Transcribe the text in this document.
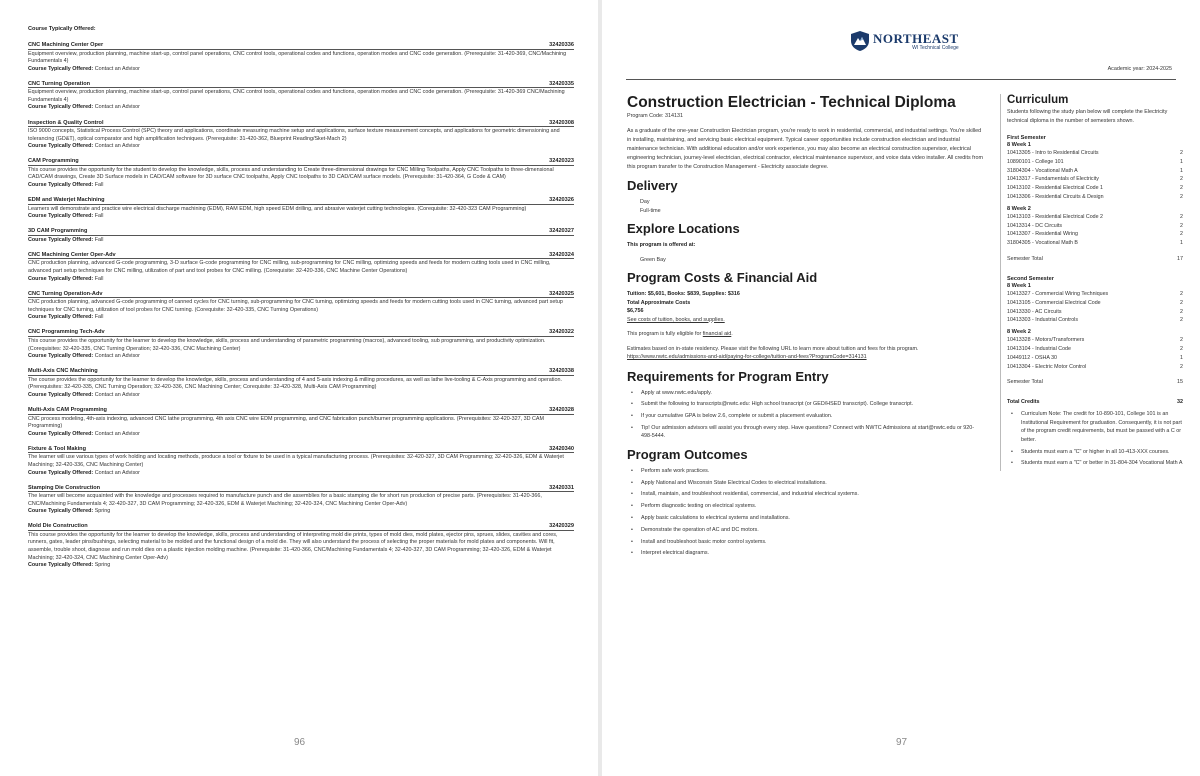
Course Typically Offered:
CNC Machining Center Oper	32420336
Equipment overview, production planning, machine start-up, control panel operations, CNC control tools, operational codes and functions, operation modes and CNC code generation. (Prerequisite: 31-420-369, CNC/Machining Fundamentals 4)
Course Typically Offered: Contact an Advisor
CNC Turning Operation	32420335
Equipment overview, production planning, machine start-up, control panel operations, CNC control tools, operational codes and functions, operation modes and CNC code generation. (Prerequisite: 31-420-369 CNC/Machining Fundamentals 4)
Course Typically Offered: Contact an Advisor
Inspection & Quality Control	32420308
ISO 9000 concepts, Statistical Process Control (SPC) theory and applications, coordinate measuring machine setup and applications, surface texture measurement concepts, and applications for geometric dimensioning and tolerancing (GD&T), optical comparator and high amplification techniques. (Prerequisite: 31-420-362, Blueprint Reading/Sket-Mach 2)
Course Typically Offered: Contact an Advisor
CAM Programming	32420323
This course provides the opportunity for the student to develop the knowledge, skills, process and understanding to Create three-dimensional drawings for CNC Milling Toolpaths, Apply CNC Toolpaths to three-dimensional CAD/CAM drawings, Create 3D Surface models in CAD/CAM software for 3D surface CNC toolpaths, Apply CNC toolpaths to 3D CAD/CAM surface models. (Prerequisite: 31-420-364, G Code & CAM)
Course Typically Offered: Fall
EDM and Waterjet Machining	32420326
Learners will demonstrate and practice wire electrical discharge machining (EDM), RAM EDM, high speed EDM drilling, and abrasive waterjet cutting technologies. (Corequisite: 32-420-323 CAM Programming)
Course Typically Offered: Fall
3D CAM Programming	32420327
Course Typically Offered: Fall
CNC Machining Center Oper-Adv	32420324
CNC production planning, advanced G-code programming, 3-D surface G-code programming for CNC milling, sub-programming for CNC milling, optimizing speeds and feeds for modern cutting tools used in CNC milling, advanced part setup techniques for CNC milling, utilization of part and tool probes for CNC milling. (Corequisite: 32-420-336, CNC Machine Center Operations)
Course Typically Offered: Fall
CNC Turning Operation-Adv	32420325
CNC production planning, advanced G-code programming of canned cycles for CNC turning, sub-programming for CNC turning, optimizing speeds and feeds for modern cutting tools used in CNC turning, advanced part setup techniques for CNC turning, utilization of tool probes for CNC turning. (Corequisite: 32-420-335, CNC Turning Operations)
Course Typically Offered: Fall
CNC Programming Tech-Adv	32420322
This course provides the opportunity for the learner to develop the knowledge, skills, process and understanding of parametric programming (macros), advanced tooling, sub programming, and productivity optimization. (Corequisites: 32-420-335, CNC Turning Operation; 32-420-336, CNC Machining Center)
Course Typically Offered: Contact an Advisor
Multi-Axis CNC Machining	32420338
The course provides the opportunity for the learner to develop the knowledge, skills, process and understanding of 4 and 5-axis indexing & milling procedures, as well as lathe live-tooling & C-Axis programming and operation. (Prerequisites: 32-420-335, CNC Turning Operation; 32-420-336, CNC Machining Center; Corequisite: 32-420-328, Multi-Axis CAM Programming)
Course Typically Offered: Contact an Advisor
Multi-Axis CAM Programming	32420328
CNC process modeling, 4th-axis indexing, advanced CNC lathe programming, 4th axis CNC wire EDM programming, and CNC fabrication punch/burner programming applications. (Prerequisites: 32-420-327, 3D CAM Programming)
Course Typically Offered: Contact an Advisor
Fixture & Tool Making	32420340
The learner will use various types of work holding and locating methods, produce a tool or fixture to be used in a typical manufacturing process. (Prerequisites: 32-420-327, 3D CAM Programming; 32-420-326, EDM & Waterjet Machining; 32-420-336, CNC Machining Center)
Course Typically Offered: Contact an Advisor
Stamping Die Construction	32420331
The learner will become acquainted with the knowledge and processes required to manufacture punch and die assemblies for a basic stamping die for short run production of precise parts. (Prerequisites: 31-420-366, CNC/Machining Fundamentals 4; 32-420-327, 3D CAM Programming; 32-420-326, EDM & Waterjet Machining; 32-420-324, CNC Machining Center Oper-Adv)
Course Typically Offered: Spring
Mold Die Construction	32420329
This course provides the opportunity for the learner to develop the knowledge, skills, process and understanding of interpreting mold die prints, types of mold dies, mold plates, ejector pins, sprues, slides, cavities and cores, runners, gates, leader pins/bushings, selecting material to be molded and the functional design of a mold die. They will also understand the process of selecting the proper materials for mold plates and components. Will fit, assemble, trouble shoot, diagnose and run mold dies on a plastic injection molding machine. (Prerequisite: 31-420-366, CNC/Machining Fundamentals 4; 32-420-327, 3D CAM Programming; 32-420-326, EDM & Waterjet Machining; 32-420-324, CNC Machining Center Oper-Adv)
Course Typically Offered: Spring
96
NORTHEAST
WI Technical College
Academic year: 2024-2025
Construction Electrician - Technical Diploma
Program Code: 314131

As a graduate of the one-year Construction Electrician program, you're ready to work in residential, commercial, and industrial settings. You're skilled in installing, maintaining, and servicing basic electrical equipment. Typical career opportunities include construction electrician and industrial maintenance technician. With additional education and/or work experience, you may also become an electrical construction supervisor, electrical engineering technician, journey-level electrician, electrical contractor, electrical maintenance supervisor, and voice data video installer. All credits from this program transfer to the Construction Management - Electricity associate degree.

Delivery
Day
Full-time
Explore Locations
This program is offered at:
Green Bay
Program Costs & Financial Aid
Tuition: $5,601, Books: $839, Supplies: $316
Total Approximate Costs
$6,756
See costs of tuition, books, and supplies.
This program is fully eligible for financial aid.
Estimates based on in-state residency. Please visit the following URL to learn more about tuition and fees for this program.
https://www.nwtc.edu/admissions-and-aid/paying-for-college/tuition-and-fees?ProgramCode=314131
Requirements for Program Entry
• Apply at www.nwtc.edu/apply.
• Submit the following to transcripts@nwtc.edu: High school transcript (or GED/HSED transcript). College transcript.
• If your cumulative GPA is below 2.6, complete or submit a placement evaluation.
• Tip! Our admission advisors will assist you through every step. Have questions? Connect with NWTC Admissions at start@nwtc.edu or 920-498-5444.
Program Outcomes
• Perform safe work practices.
• Apply National and Wisconsin State Electrical Codes to electrical installations.
• Install, maintain, and troubleshoot residential, commercial, and industrial electrical systems.
• Perform diagnostic testing on electrical systems.
• Apply basic calculations to electrical systems and installations.
• Demonstrate the operation of AC and DC motors.
• Install and troubleshoot basic motor control systems.
• Interpret electrical diagrams.
Curriculum
Students following the study plan below will complete the Electricity technical diploma in the number of semesters shown.
First Semester
8 Week 1
10413305 - Intro to Residential Circuits	2
10890101 - College 101	1
31804304 - Vocational Math A	1
10413317 - Fundamentals of Electricity	2
10413102 - Residential Electrical Code 1	2
10413306 - Residential Circuits & Design	2
8 Week 2
10413103 - Residential Electrical Code 2	2
10413314 - DC Circuits	2
10413307 - Residential Wiring	2
31804305 - Vocational Math B	1
Semester Total	17
Second Semester
8 Week 1
10413327 - Commercial Wiring Techniques	2
10413105 - Commercial Electrical Code	2
10413330 - AC Circuits	2
10413303 - Industrial Controls	2
8 Week 2
10413328 - Motors/Transformers	2
10413104 - Industrial Code	2
10449112 - OSHA 30	1
10413304 - Electric Motor Control	2
Semester Total	15
Total Credits	32
• Curriculum Note: The credit for 10-890-101, College 101 is an Institutional Requirement for graduation. Consequently, it is not part of the program credit requirements, but must be passed with a C or better.
• Students must earn a "C" or higher in all 10-413-XXX courses.
• Students must earn a "C" or better in 31-804-304 Vocational Math A
97
